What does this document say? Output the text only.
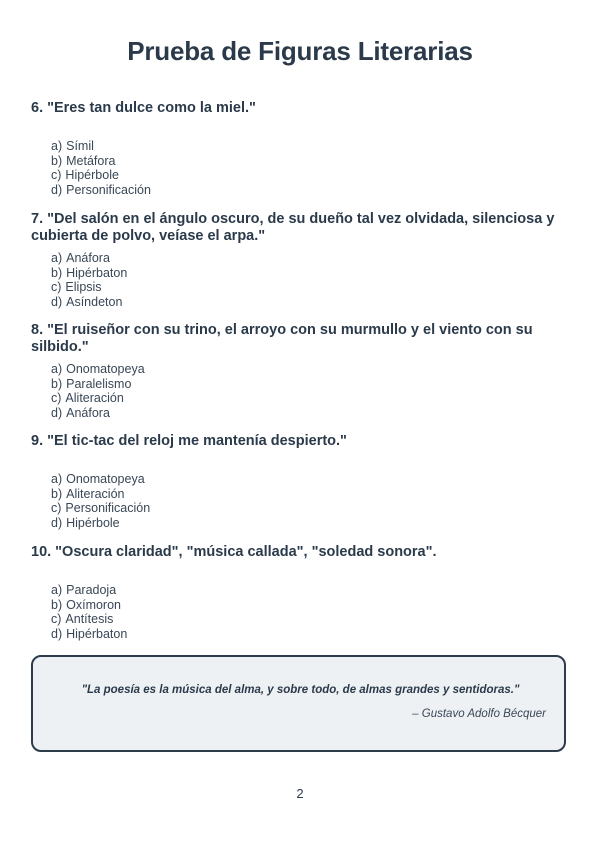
Prueba de Figuras Literarias

6. "Eres tan dulce como la miel."

a) Símil
b) Metáfora
c) Hipérbole
d) Personificación

7. "Del salón en el ángulo oscuro, de su dueño tal vez olvidada, silenciosa y cubierta de polvo, veíase el arpa."

a) Anáfora
b) Hipérbaton
c) Elipsis
d) Asíndeton

8. "El ruiseñor con su trino, el arroyo con su murmullo y el viento con su silbido."

a) Onomatopeya
b) Paralelismo
c) Aliteración
d) Anáfora

9. "El tic-tac del reloj me mantenía despierto."

a) Onomatopeya
b) Aliteración
c) Personificación
d) Hipérbole

10. "Oscura claridad", "música callada", "soledad sonora".

a) Paradoja
b) Oxímoron
c) Antítesis
d) Hipérbaton
"La poesía es la música del alma, y sobre todo, de almas grandes y sentidoras."
– Gustavo Adolfo Bécquer
2
